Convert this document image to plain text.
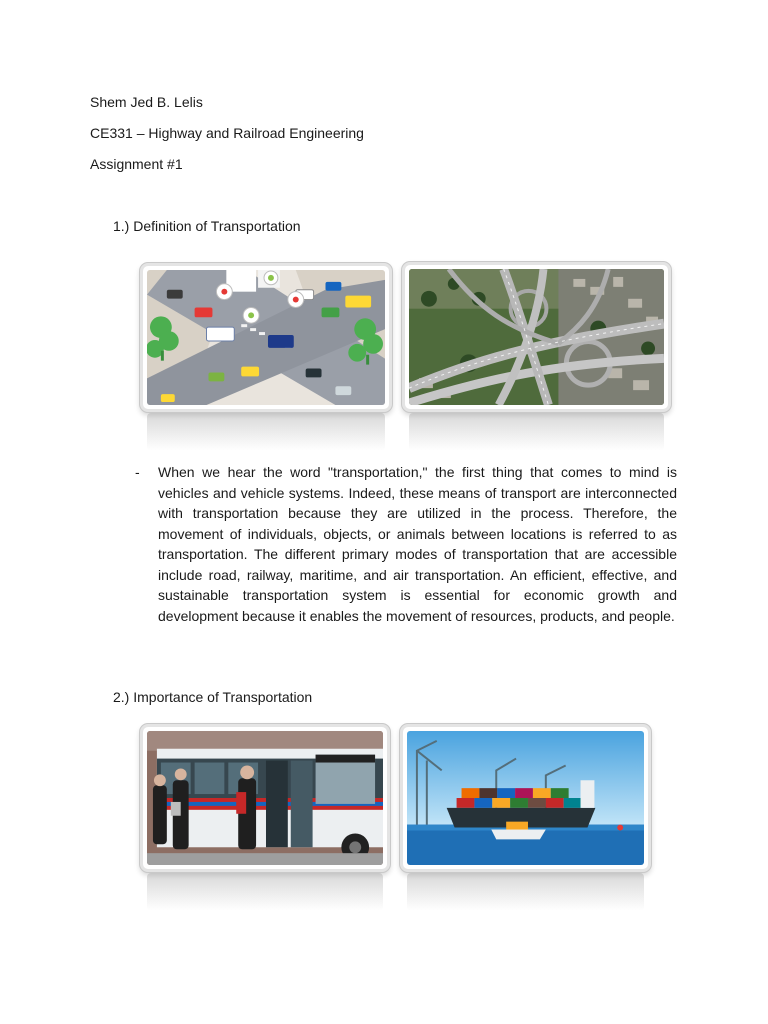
Shem Jed B. Lelis
CE331 – Highway and Railroad Engineering
Assignment #1
1.) Definition of Transportation
- When we hear the word "transportation," the first thing that comes to mind is vehicles and vehicle systems. Indeed, these means of transport are interconnected with transportation because they are utilized in the process. Therefore, the movement of individuals, objects, or animals between locations is referred to as transportation. The different primary modes of transportation that are accessible include road, railway, maritime, and air transportation. An efficient, effective, and sustainable transportation system is essential for economic growth and development because it enables the movement of resources, products, and people.

2.) Importance of Transportation
